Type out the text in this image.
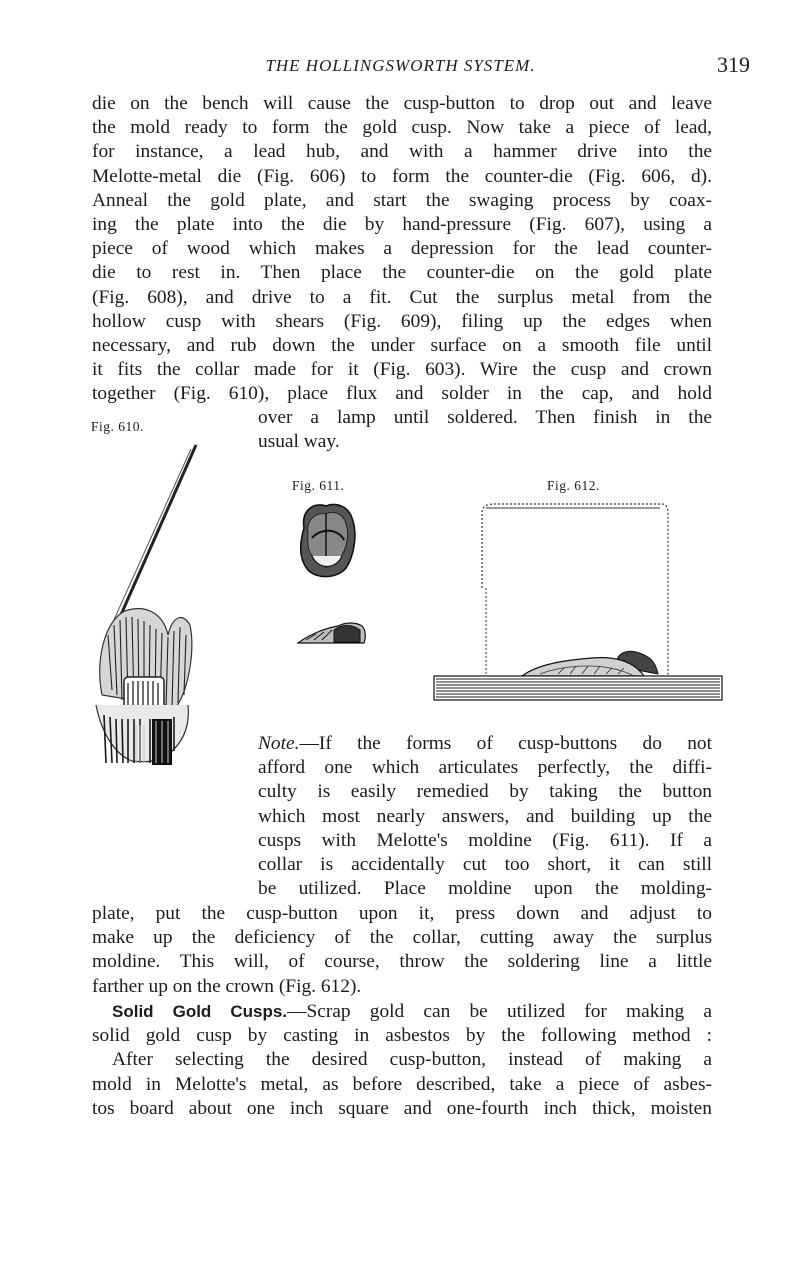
THE HOLLINGSWORTH SYSTEM.	319
die on the bench will cause the cusp-button to drop out and leave
the mold ready to form the gold cusp. Now take a piece of lead,
for instance, a lead hub, and with a hammer drive into the
Melotte-metal die (Fig. 606) to form the counter-die (Fig. 606, d).
Anneal the gold plate, and start the swaging process by coax-
ing the plate into the die by hand-pressure (Fig. 607), using a
piece of wood which makes a depression for the lead counter-
die to rest in. Then place the counter-die on the gold plate
(Fig. 608), and drive to a fit. Cut the surplus metal from the
hollow cusp with shears (Fig. 609), filing up the edges when
necessary, and rub down the under surface on a smooth file until
it fits the collar made for it (Fig. 603). Wire the cusp and crown
together (Fig. 610), place flux and solder in the cap, and hold
over a lamp until soldered. Then finish in the
usual way.
Fig. 610.
Fig. 611.	Fig. 612.
Note.—If the forms of cusp-buttons do not
afford one which articulates perfectly, the diffi-
culty is easily remedied by taking the button
which most nearly answers, and building up the
cusps with Melotte's moldine (Fig. 611). If a
collar is accidentally cut too short, it can still
be utilized. Place moldine upon the molding-
plate, put the cusp-button upon it, press down and adjust to
make up the deficiency of the collar, cutting away the surplus
moldine. This will, of course, throw the soldering line a little
farther up on the crown (Fig. 612).
Solid Gold Cusps.—Scrap gold can be utilized for making a
solid gold cusp by casting in asbestos by the following method :
After selecting the desired cusp-button, instead of making a
mold in Melotte's metal, as before described, take a piece of asbes-
tos board about one inch square and one-fourth inch thick, moisten
